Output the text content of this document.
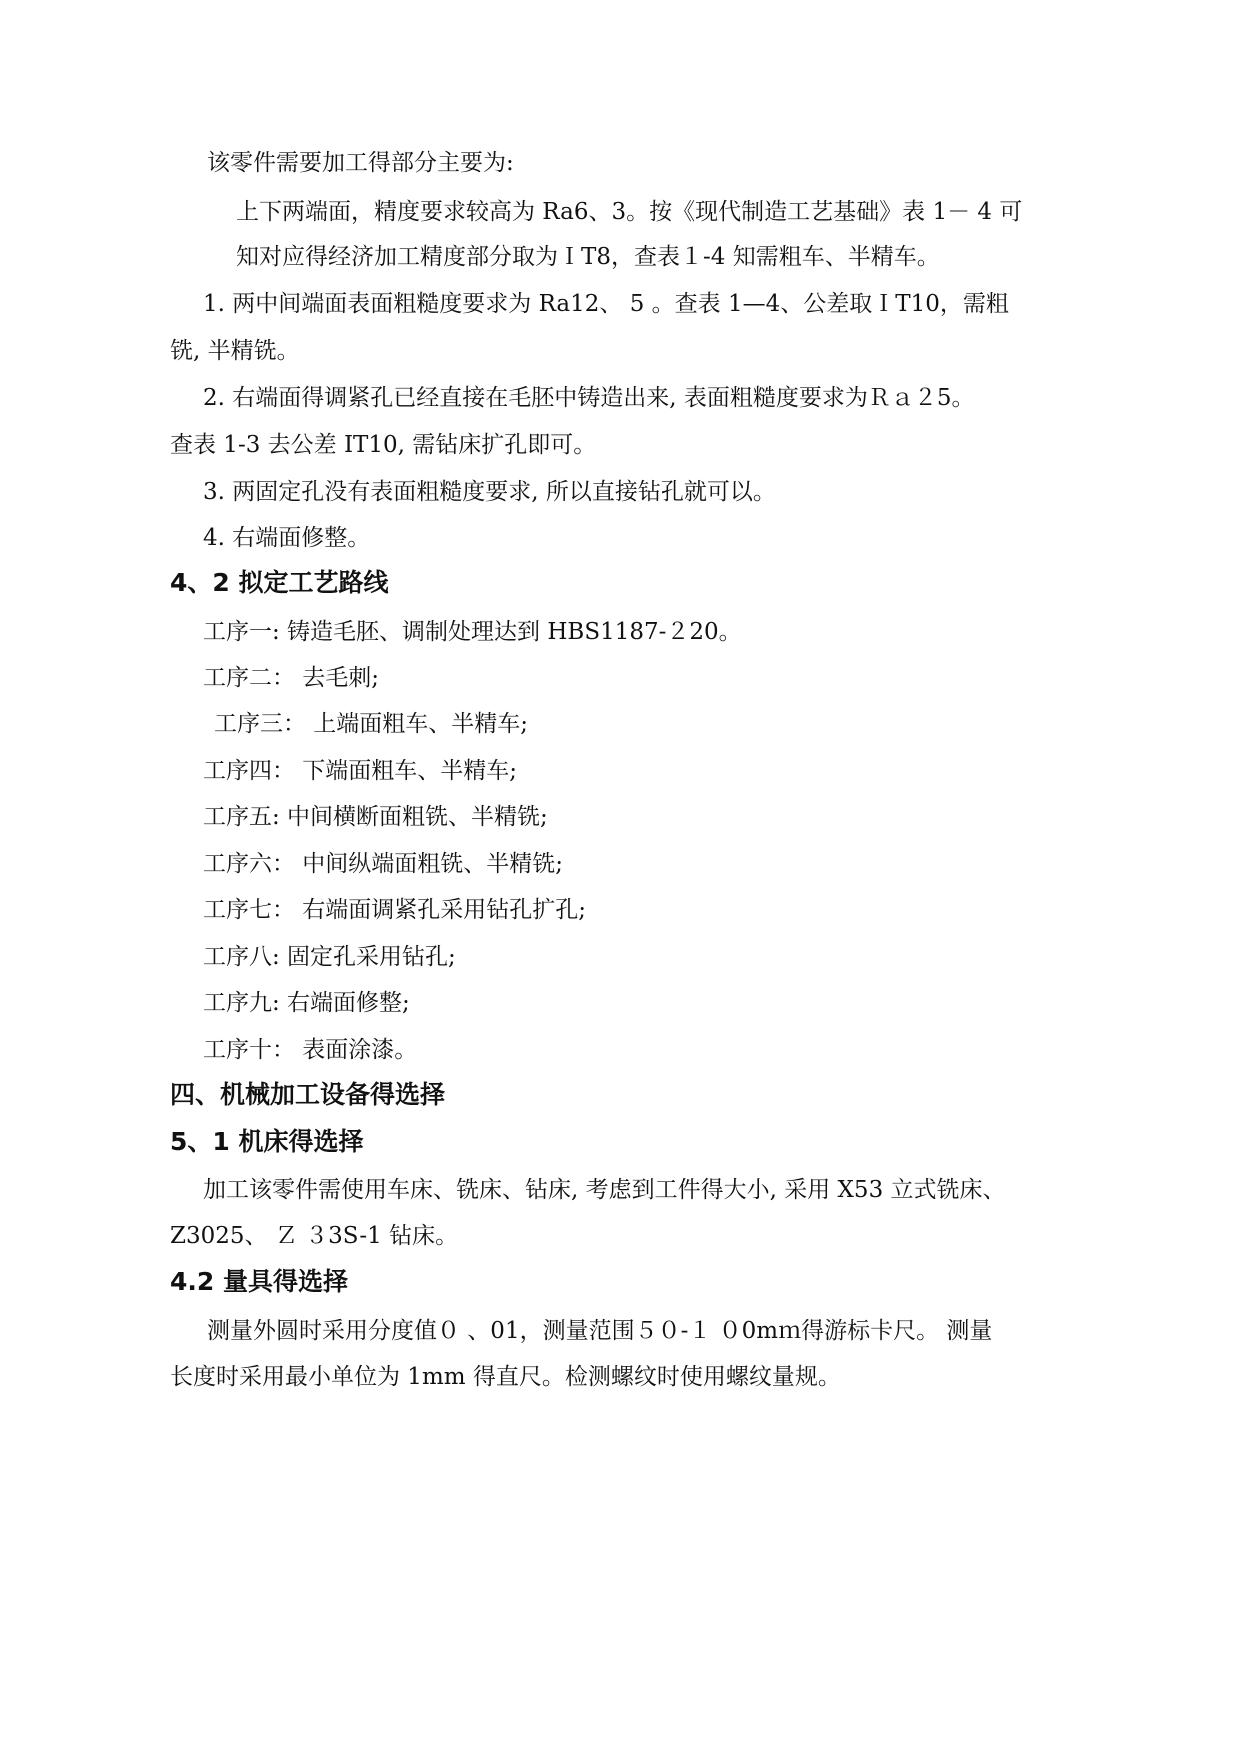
该零件需要加工得部分主要为:
上下两端面，精度要求较高为 Ra6、3。按《现代制造工艺基础》表 1－ 4 可
知对应得经济加工精度部分取为ＩT8，查表１-4 知需粗车、半精车。
1. 两中间端面表面粗糙度要求为 Ra12、 5 。查表 1—4、公差取ＩT10，需粗
铣, 半精铣。
2. 右端面得调紧孔已经直接在毛胚中铸造出来, 表面粗糙度要求为Ｒａ２5。
查表 1-3 去公差 IT10, 需钻床扩孔即可。
3. 两固定孔没有表面粗糙度要求, 所以直接钻孔就可以。
4. 右端面修整。
4、2 拟定工艺路线
工序一: 铸造毛胚、调制处理达到 HBS1187-２20。
工序二： 去毛刺;
工序三： 上端面粗车、半精车;
工序四： 下端面粗车、半精车;
工序五: 中间横断面粗铣、半精铣;
工序六： 中间纵端面粗铣、半精铣;
工序七： 右端面调紧孔采用钻孔扩孔;
工序八: 固定孔采用钻孔;
工序九: 右端面修整;
工序十： 表面涂漆。
四、机械加工设备得选择
5、1 机床得选择
加工该零件需使用车床、铣床、钻床, 考虑到工件得大小, 采用 X53 立式铣床、
Z3025、 Ｚ ３3S-1 钻床。
4.2 量具得选择
测量外圆时采用分度值０ 、01，测量范围５０-１ ０0mｍ得游标卡尺。 测量
长度时采用最小单位为 1mm 得直尺。检测螺纹时使用螺纹量规。
